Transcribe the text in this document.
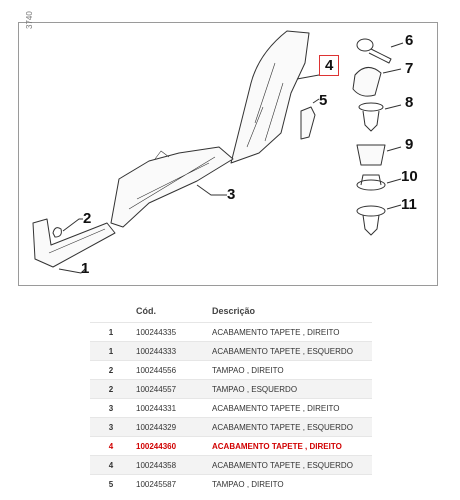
3740
1
2
3
4
5
6
7
8
9
10
11
	Cód.	Descrição
1	100244335	ACABAMENTO TAPETE , DIREITO
1	100244333	ACABAMENTO TAPETE , ESQUERDO
2	100244556	TAMPAO , DIREITO
2	100244557	TAMPAO , ESQUERDO
3	100244331	ACABAMENTO TAPETE , DIREITO
3	100244329	ACABAMENTO TAPETE , ESQUERDO
4	100244360	ACABAMENTO TAPETE , DIREITO
4	100244358	ACABAMENTO TAPETE , ESQUERDO
5	100245587	TAMPAO , DIREITO
